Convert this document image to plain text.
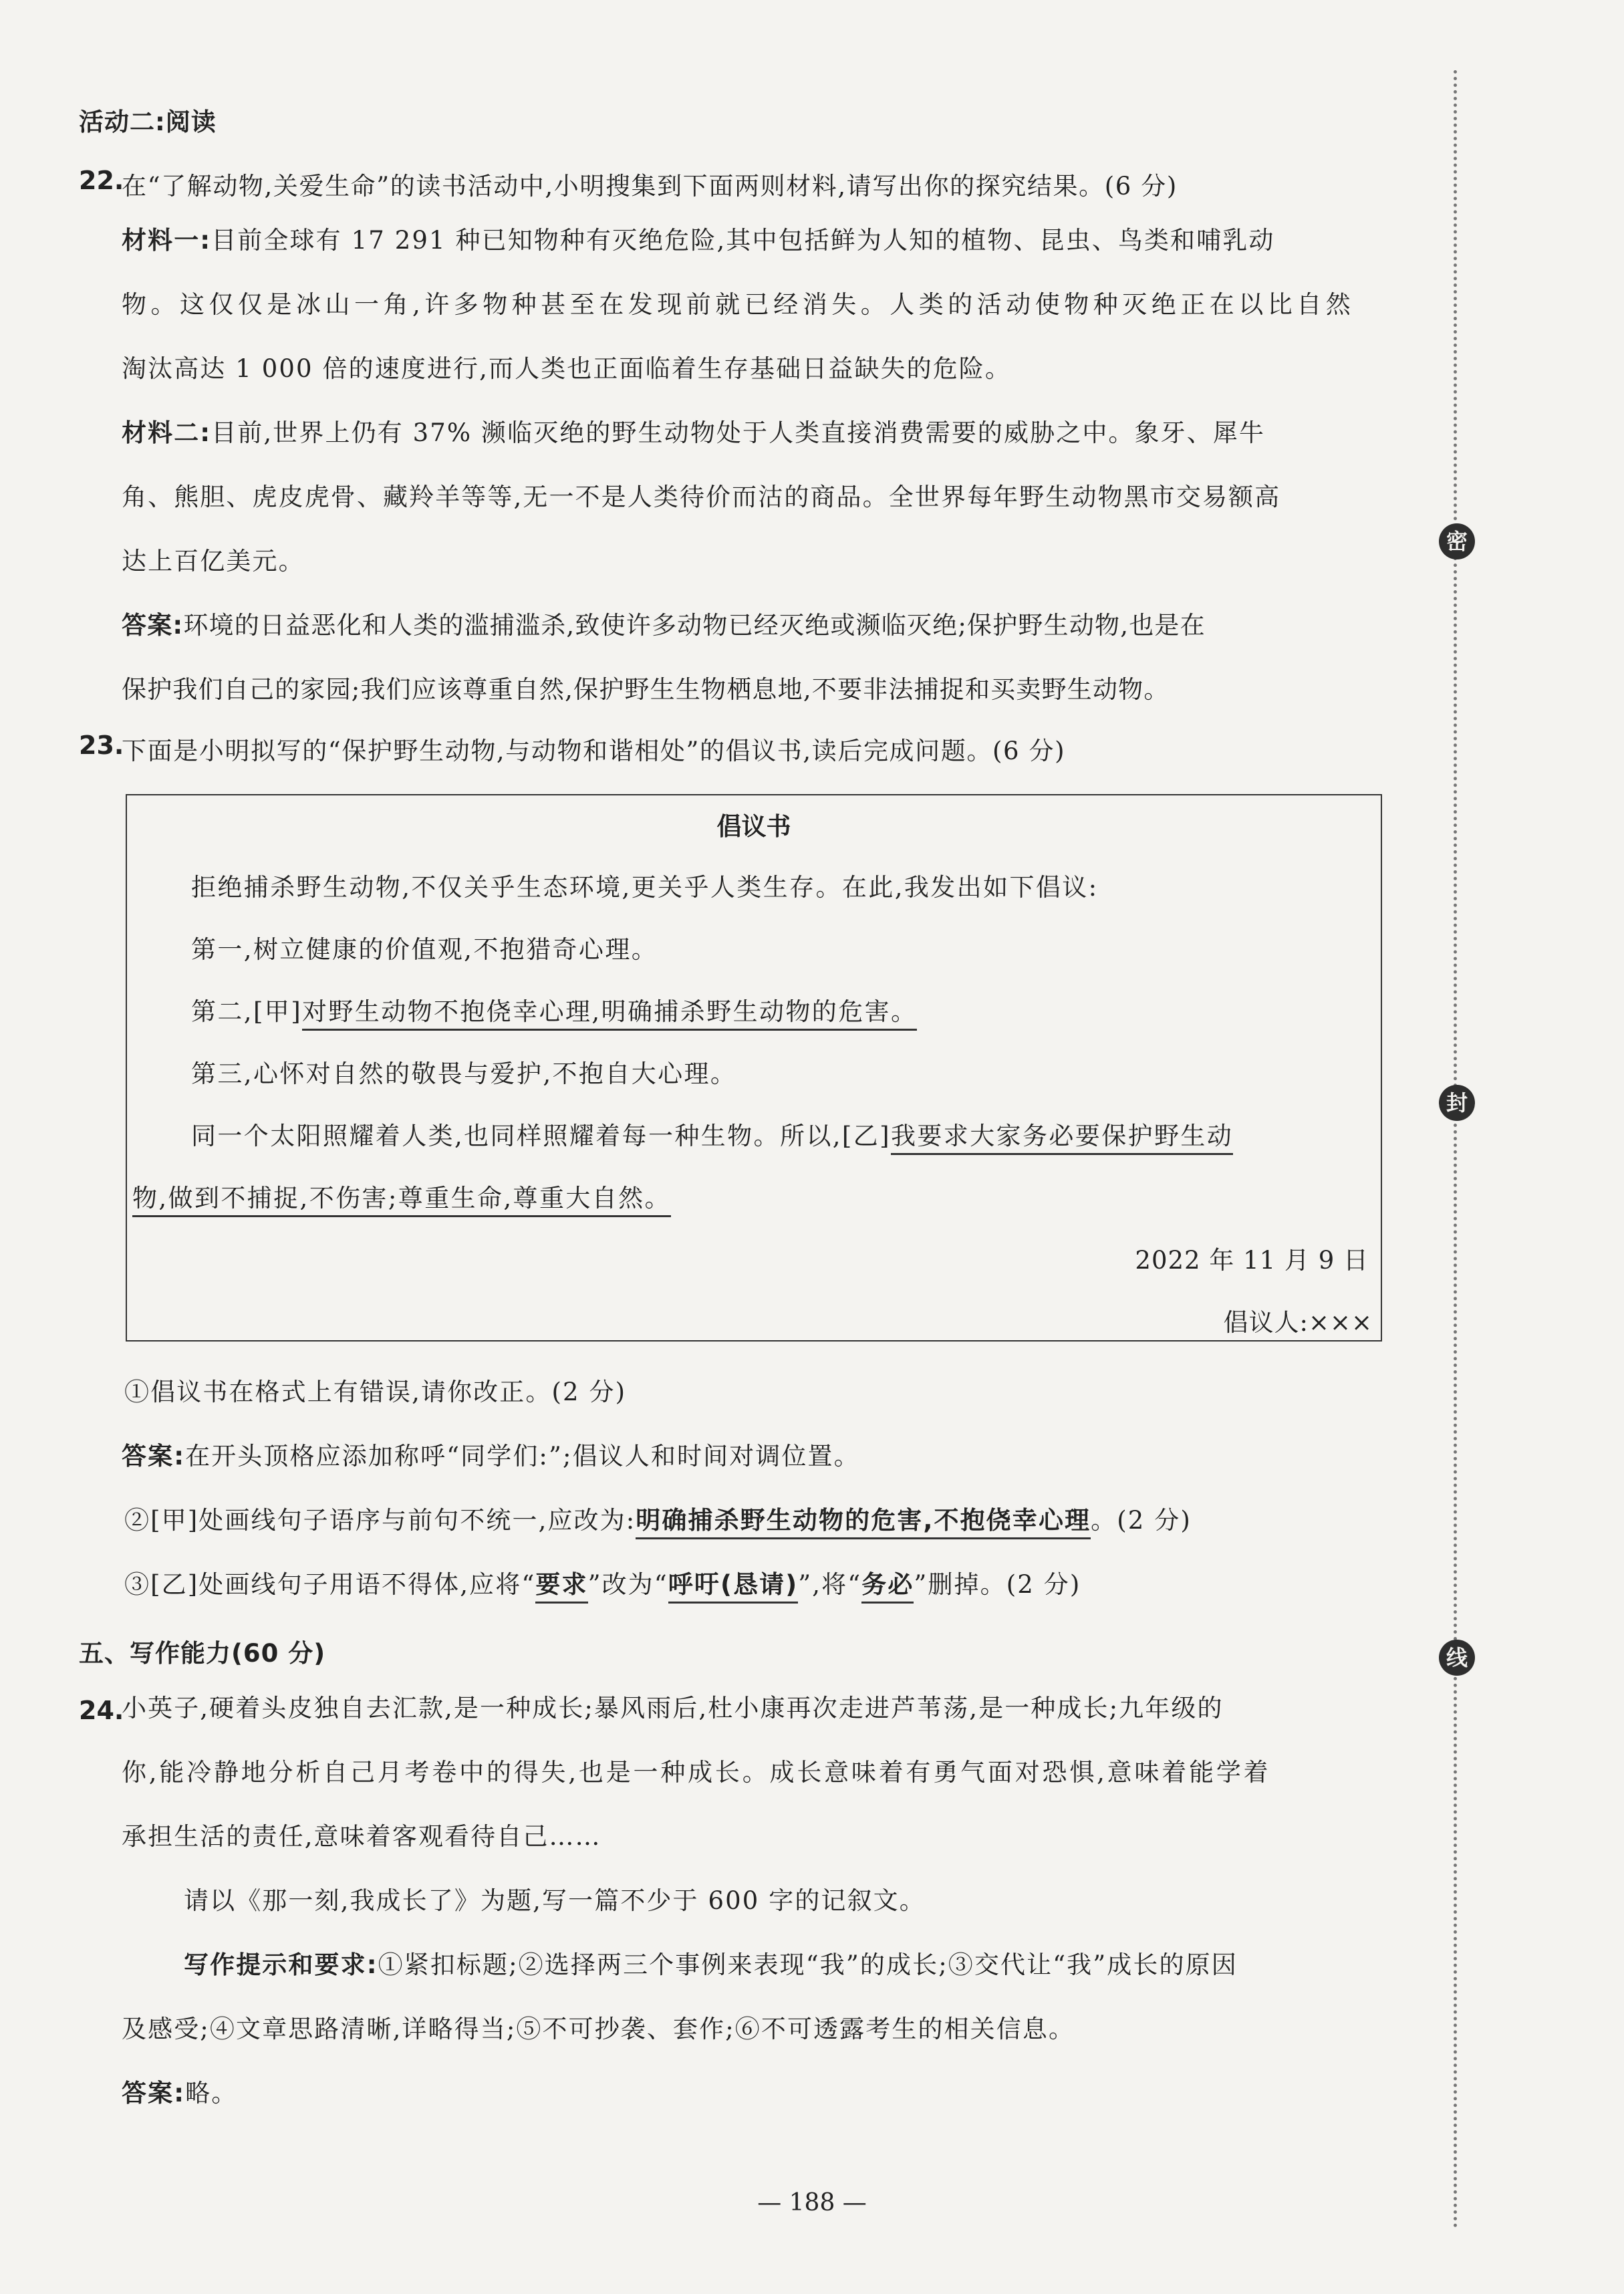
活动二:阅读
22.
在“了解动物,关爱生命”的读书活动中,小明搜集到下面两则材料,请写出你的探究结果。(6 分)
材料一:目前全球有 17 291 种已知物种有灭绝危险,其中包括鲜为人知的植物、昆虫、鸟类和哺乳动
物。这仅仅是冰山一角,许多物种甚至在发现前就已经消失。人类的活动使物种灭绝正在以比自然
淘汰高达 1 000 倍的速度进行,而人类也正面临着生存基础日益缺失的危险。
材料二:目前,世界上仍有 37% 濒临灭绝的野生动物处于人类直接消费需要的威胁之中。象牙、犀牛
角、熊胆、虎皮虎骨、藏羚羊等等,无一不是人类待价而沽的商品。全世界每年野生动物黑市交易额高
达上百亿美元。
答案:环境的日益恶化和人类的滥捕滥杀,致使许多动物已经灭绝或濒临灭绝;保护野生动物,也是在
保护我们自己的家园;我们应该尊重自然,保护野生生物栖息地,不要非法捕捉和买卖野生动物。
23.
下面是小明拟写的“保护野生动物,与动物和谐相处”的倡议书,读后完成问题。(6 分)
倡议书
拒绝捕杀野生动物,不仅关乎生态环境,更关乎人类生存。在此,我发出如下倡议:
第一,树立健康的价值观,不抱猎奇心理。
第二,[甲]对野生动物不抱侥幸心理,明确捕杀野生动物的危害。
第三,心怀对自然的敬畏与爱护,不抱自大心理。
同一个太阳照耀着人类,也同样照耀着每一种生物。所以,[乙]我要求大家务必要保护野生动
物,做到不捕捉,不伤害;尊重生命,尊重大自然。
2022 年 11 月 9 日
倡议人:×××
①倡议书在格式上有错误,请你改正。(2 分)
答案:在开头顶格应添加称呼“同学们:”;倡议人和时间对调位置。
②[甲]处画线句子语序与前句不统一,应改为:明确捕杀野生动物的危害,不抱侥幸心理。(2 分)
③[乙]处画线句子用语不得体,应将“要求”改为“呼吁(恳请)”,将“务必”删掉。(2 分)
五、写作能力(60 分)
24.
小英子,硬着头皮独自去汇款,是一种成长;暴风雨后,杜小康再次走进芦苇荡,是一种成长;九年级的
你,能冷静地分析自己月考卷中的得失,也是一种成长。成长意味着有勇气面对恐惧,意味着能学着
承担生活的责任,意味着客观看待自己……
请以《那一刻,我成长了》为题,写一篇不少于 600 字的记叙文。
写作提示和要求:①紧扣标题;②选择两三个事例来表现“我”的成长;③交代让“我”成长的原因
及感受;④文章思路清晰,详略得当;⑤不可抄袭、套作;⑥不可透露考生的相关信息。
答案:略。
密
封
线
— 188 —
